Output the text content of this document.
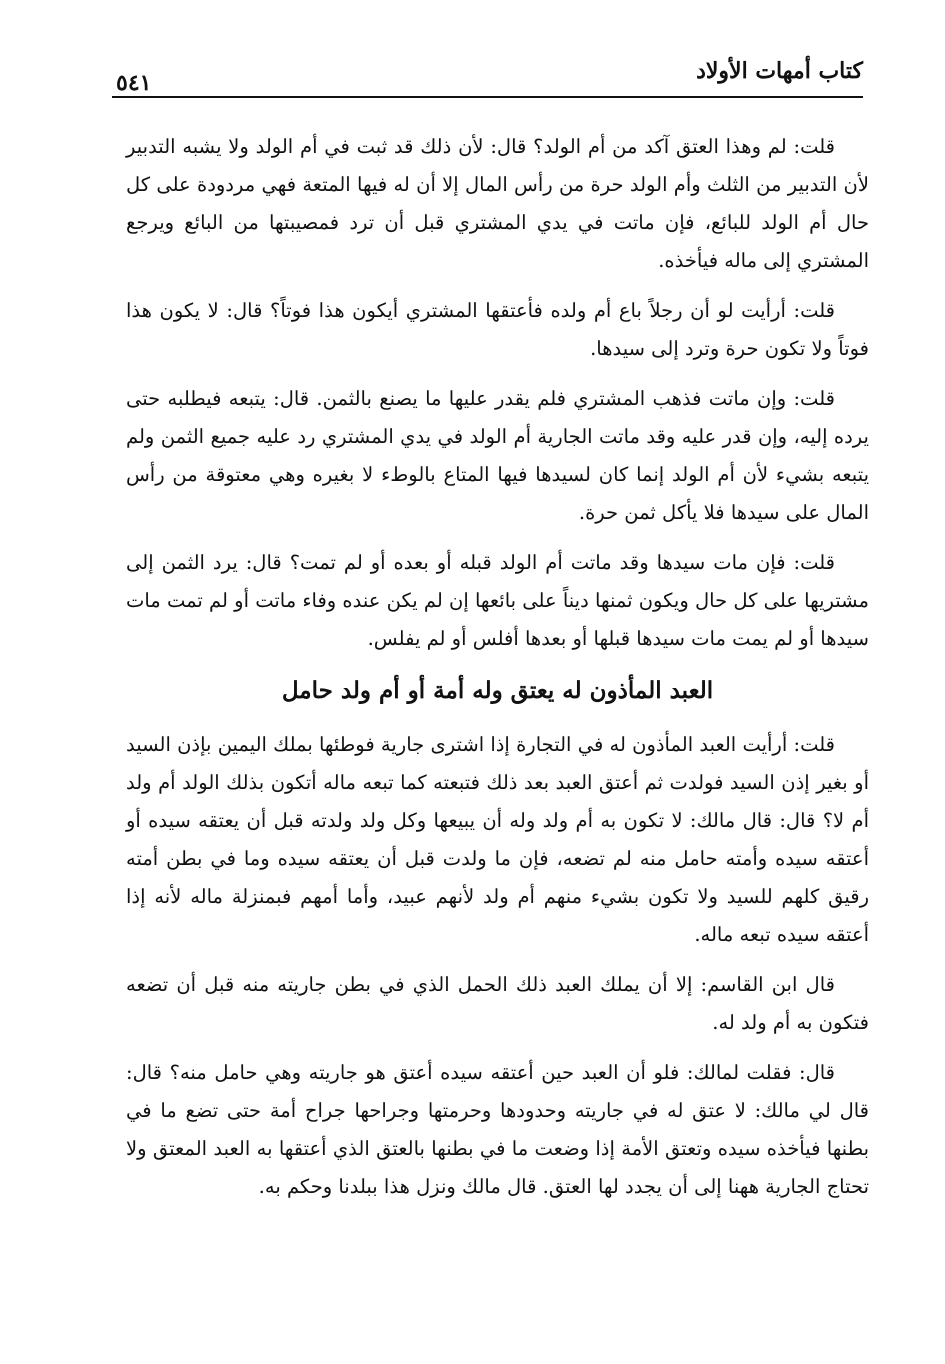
كتاب أمهات الأولاد
٥٤١

قلت: لم وهذا العتق آكد من أم الولد؟ قال: لأن ذلك قد ثبت في أم الولد ولا يشبه التدبير لأن التدبير من الثلث وأم الولد حرة من رأس المال إلا أن له فيها المتعة فهي مردودة على كل حال أم الولد للبائع، فإن ماتت في يدي المشتري قبل أن ترد فمصيبتها من البائع ويرجع المشتري إلى ماله فيأخذه.

قلت: أرأيت لو أن رجلاً باع أم ولده فأعتقها المشتري أيكون هذا فوتاً؟ قال: لا يكون هذا فوتاً ولا تكون حرة وترد إلى سيدها.

قلت: وإن ماتت فذهب المشتري فلم يقدر عليها ما يصنع بالثمن. قال: يتبعه فيطلبه حتى يرده إليه، وإن قدر عليه وقد ماتت الجارية أم الولد في يدي المشتري رد عليه جميع الثمن ولم يتبعه بشيء لأن أم الولد إنما كان لسيدها فيها المتاع بالوطء لا بغيره وهي معتوقة من رأس المال على سيدها فلا يأكل ثمن حرة.

قلت: فإن مات سيدها وقد ماتت أم الولد قبله أو بعده أو لم تمت؟ قال: يرد الثمن إلى مشتريها على كل حال ويكون ثمنها ديناً على بائعها إن لم يكن عنده وفاء ماتت أو لم تمت مات سيدها أو لم يمت مات سيدها قبلها أو بعدها أفلس أو لم يفلس.

العبد المأذون له يعتق وله أمة أو أم ولد حامل

قلت: أرأيت العبد المأذون له في التجارة إذا اشترى جارية فوطئها بملك اليمين بإذن السيد أو بغير إذن السيد فولدت ثم أعتق العبد بعد ذلك فتبعته كما تبعه ماله أتكون بذلك الولد أم ولد أم لا؟ قال: قال مالك: لا تكون به أم ولد وله أن يبيعها وكل ولد ولدته قبل أن يعتقه سيده أو أعتقه سيده وأمته حامل منه لم تضعه، فإن ما ولدت قبل أن يعتقه سيده وما في بطن أمته رقيق كلهم للسيد ولا تكون بشيء منهم أم ولد لأنهم عبيد، وأما أمهم فبمنزلة ماله لأنه إذا أعتقه سيده تبعه ماله.

قال ابن القاسم: إلا أن يملك العبد ذلك الحمل الذي في بطن جاريته منه قبل أن تضعه فتكون به أم ولد له.

قال: فقلت لمالك: فلو أن العبد حين أعتقه سيده أعتق هو جاريته وهي حامل منه؟ قال: قال لي مالك: لا عتق له في جاريته وحدودها وحرمتها وجراحها جراح أمة حتى تضع ما في بطنها فيأخذه سيده وتعتق الأمة إذا وضعت ما في بطنها بالعتق الذي أعتقها به العبد المعتق ولا تحتاج الجارية ههنا إلى أن يجدد لها العتق. قال مالك ونزل هذا ببلدنا وحكم به.
